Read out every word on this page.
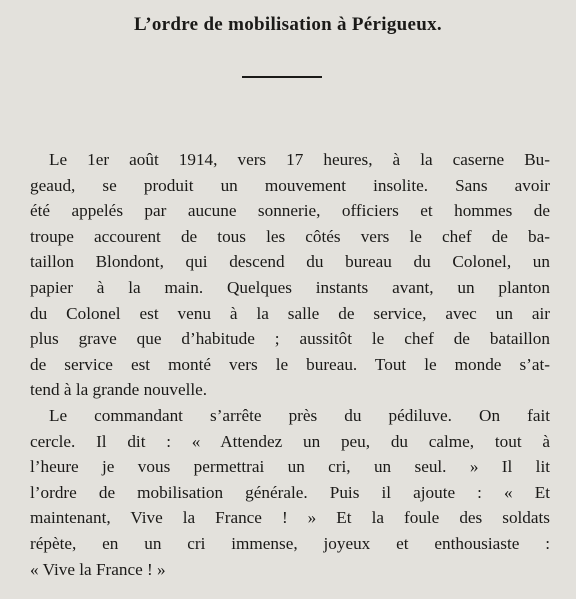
L’ordre de mobilisation à Périgueux.
Le 1er août 1914, vers 17 heures, à la caserne Bu-
geaud, se produit un mouvement insolite. Sans avoir
été appelés par aucune sonnerie, officiers et hommes de
troupe accourent de tous les côtés vers le chef de ba-
taillon Blondont, qui descend du bureau du Colonel, un
papier à la main. Quelques instants avant, un planton
du Colonel est venu à la salle de service, avec un air
plus grave que d’habitude ; aussitôt le chef de bataillon
de service est monté vers le bureau. Tout le monde s’at-
tend à la grande nouvelle.
Le commandant s’arrête près du pédiluve. On fait
cercle. Il dit : « Attendez un peu, du calme, tout à
l’heure je vous permettrai un cri, un seul. » Il lit
l’ordre de mobilisation générale. Puis il ajoute : « Et
maintenant, Vive la France ! » Et la foule des soldats
répète, en un cri immense, joyeux et enthousiaste :
« Vive la France ! »
